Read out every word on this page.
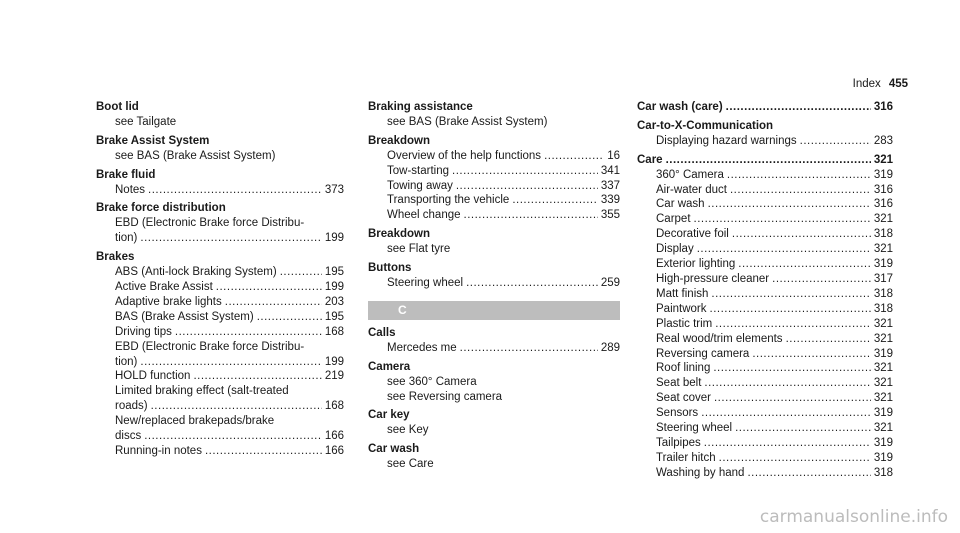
Index 455
Boot lid
see Tailgate
Brake Assist System
see BAS (Brake Assist System)
Brake fluid
Notes .....	373
Brake force distribution
EBD (Electronic Brake force Distribu-
tion) .....	199
Brakes
ABS (Anti-lock Braking System) .....	195
Active Brake Assist .....	199
Adaptive brake lights .....	203
BAS (Brake Assist System) .....	195
Driving tips .....	168
EBD (Electronic Brake force Distribu-
tion) .....	199
HOLD function .....	219
Limited braking effect (salt-treated
roads) .....	168
New/replaced brakepads/brake
discs .....	166
Running-in notes .....	166
Braking assistance
see BAS (Brake Assist System)
Breakdown
Overview of the help functions .....	16
Tow-starting .....	341
Towing away .....	337
Transporting the vehicle .....	339
Wheel change .....	355
Breakdown
see Flat tyre
Buttons
Steering wheel .....	259
C
Calls
Mercedes me .....	289
Camera
see 360° Camera
see Reversing camera
Car key
see Key
Car wash
see Care
Car wash (care) .....	316
Car-to-X-Communication
Displaying hazard warnings .....	283
Care .....	321
360° Camera .....	319
Air-water duct .....	316
Car wash .....	316
Carpet .....	321
Decorative foil .....	318
Display .....	321
Exterior lighting .....	319
High-pressure cleaner .....	317
Matt finish .....	318
Paintwork .....	318
Plastic trim .....	321
Real wood/trim elements .....	321
Reversing camera .....	319
Roof lining .....	321
Seat belt .....	321
Seat cover .....	321
Sensors .....	319
Steering wheel .....	321
Tailpipes .....	319
Trailer hitch .....	319
Washing by hand .....	318
carmanualsonline.info
